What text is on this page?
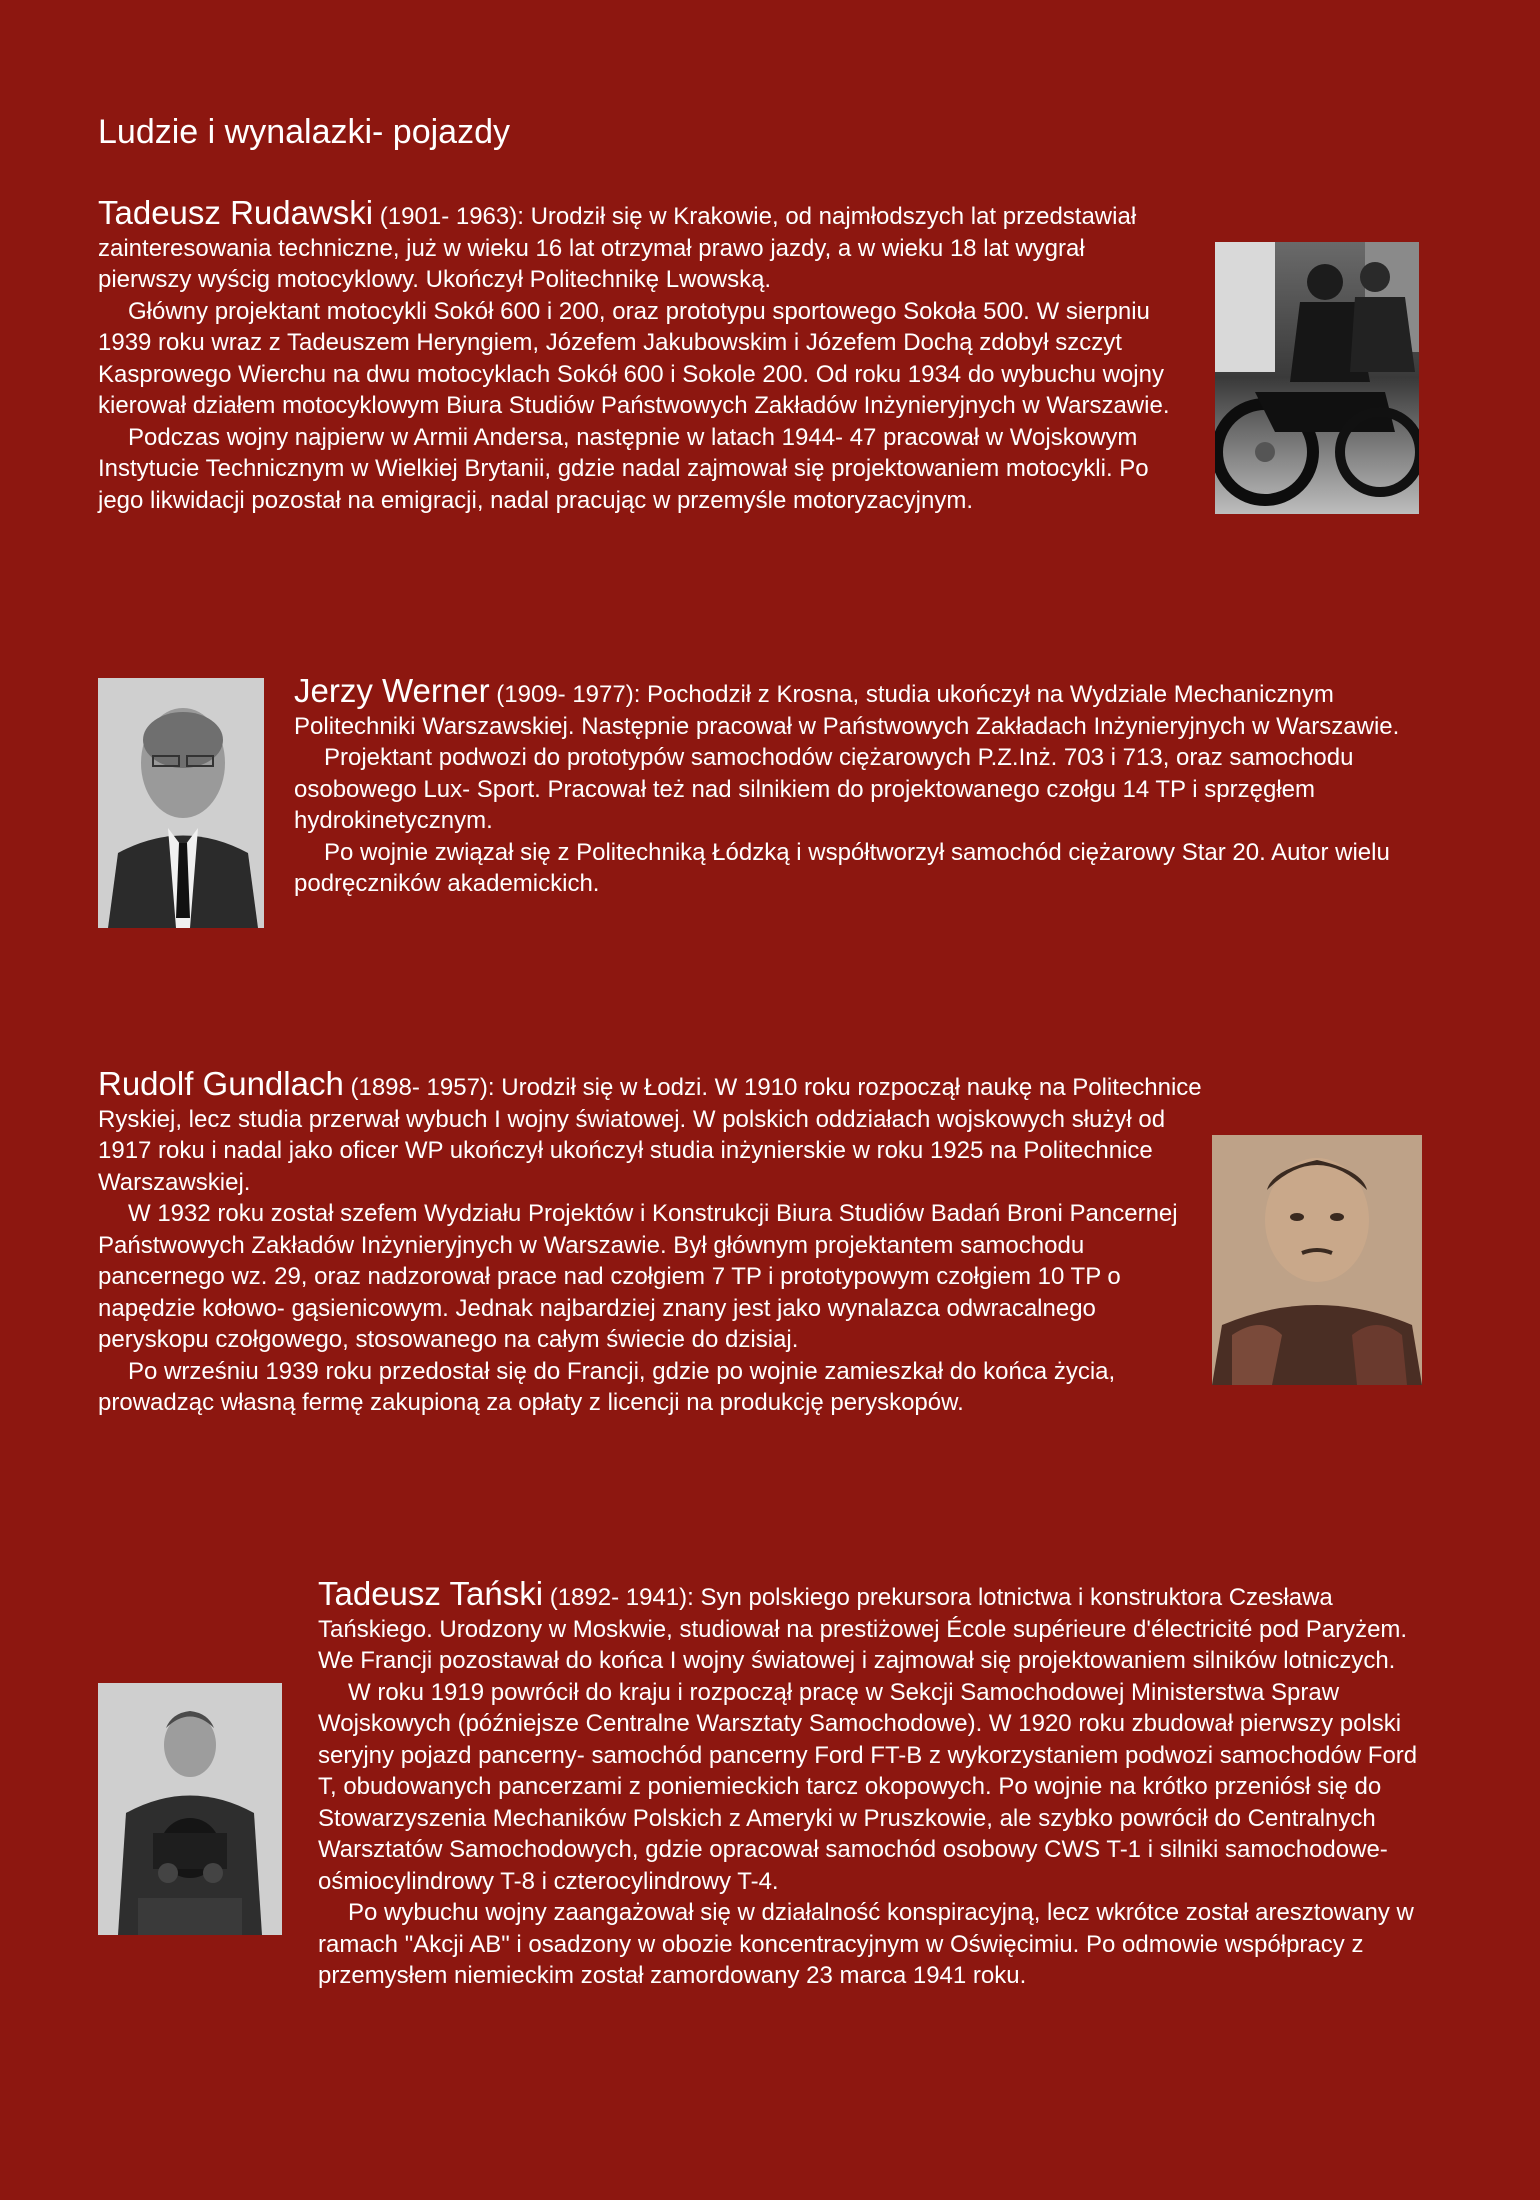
Ludzie i wynalazki- pojazdy

Tadeusz Rudawski (1901- 1963): Urodził się w Krakowie, od najmłodszych lat przedstawiał zainteresowania techniczne, już w wieku 16 lat otrzymał prawo jazdy, a w wieku 18 lat wygrał pierwszy wyścig motocyklowy. Ukończył Politechnikę Lwowską.

Główny projektant motocykli Sokół 600 i 200, oraz prototypu sportowego Sokoła 500. W sierpniu 1939 roku wraz z Tadeuszem Heryngiem, Józefem Jakubowskim i Józefem Dochą zdobył szczyt Kasprowego Wierchu na dwu motocyklach Sokół 600 i Sokole 200. Od roku 1934 do wybuchu wojny kierował działem motocyklowym Biura Studiów Państwowych Zakładów Inżynieryjnych w Warszawie.

Podczas wojny najpierw w Armii Andersa, następnie w latach 1944- 47 pracował w Wojskowym Instytucie Technicznym w Wielkiej Brytanii, gdzie nadal zajmował się projektowaniem motocykli. Po jego likwidacji pozostał na emigracji, nadal pracując w przemyśle motoryzacyjnym.

Jerzy Werner (1909- 1977): Pochodził z Krosna, studia ukończył na Wydziale Mechanicznym Politechniki Warszawskiej. Następnie pracował w Państwowych Zakładach Inżynieryjnych w Warszawie.

Projektant podwozi do prototypów samochodów ciężarowych P.Z.Inż. 703 i 713, oraz samochodu osobowego Lux- Sport. Pracował też nad silnikiem do projektowanego czołgu 14 TP i sprzęgłem hydrokinetycznym.

Po wojnie związał się z Politechniką Łódzką i współtworzył samochód ciężarowy Star 20. Autor wielu podręczników akademickich.

Rudolf Gundlach (1898- 1957): Urodził się w Łodzi. W 1910 roku rozpoczął naukę na Politechnice Ryskiej, lecz studia przerwał wybuch I wojny światowej. W polskich oddziałach wojskowych służył od 1917 roku i nadal jako oficer WP ukończył ukończył studia inżynierskie w roku 1925 na Politechnice Warszawskiej.

W 1932 roku został szefem Wydziału Projektów i Konstrukcji Biura Studiów Badań Broni Pancernej Państwowych Zakładów Inżynieryjnych w Warszawie. Był głównym projektantem samochodu pancernego wz. 29, oraz nadzorował prace nad czołgiem 7 TP i prototypowym czołgiem 10 TP o napędzie kołowo- gąsienicowym. Jednak najbardziej znany jest jako wynalazca odwracalnego peryskopu czołgowego, stosowanego na całym świecie do dzisiaj.

Po wrześniu 1939 roku przedostał się do Francji, gdzie po wojnie zamieszkał do końca życia, prowadząc własną fermę zakupioną za opłaty z licencji na produkcję peryskopów.

Tadeusz Tański (1892- 1941): Syn polskiego prekursora lotnictwa i konstruktora Czesława Tańskiego. Urodzony w Moskwie, studiował na prestiżowej École supérieure d'électricité pod Paryżem. We Francji pozostawał do końca I wojny światowej i zajmował się projektowaniem silników lotniczych.

W roku 1919 powrócił do kraju i rozpoczął pracę w Sekcji Samochodowej Ministerstwa Spraw Wojskowych (późniejsze Centralne Warsztaty Samochodowe). W 1920 roku zbudował pierwszy polski seryjny pojazd pancerny- samochód pancerny Ford FT-B z wykorzystaniem podwozi samochodów Ford T, obudowanych pancerzami z poniemieckich tarcz okopowych. Po wojnie na krótko przeniósł się do Stowarzyszenia Mechaników Polskich z Ameryki w Pruszkowie, ale szybko powrócił do Centralnych Warsztatów Samochodowych, gdzie opracował samochód osobowy CWS T-1 i silniki samochodowe- ośmiocylindrowy T-8 i czterocylindrowy T-4.

Po wybuchu wojny zaangażował się w działalność konspiracyjną, lecz wkrótce został aresztowany w ramach "Akcji AB" i osadzony w obozie koncentracyjnym w Oświęcimiu. Po odmowie współpracy z przemysłem niemieckim został zamordowany 23 marca 1941 roku.
